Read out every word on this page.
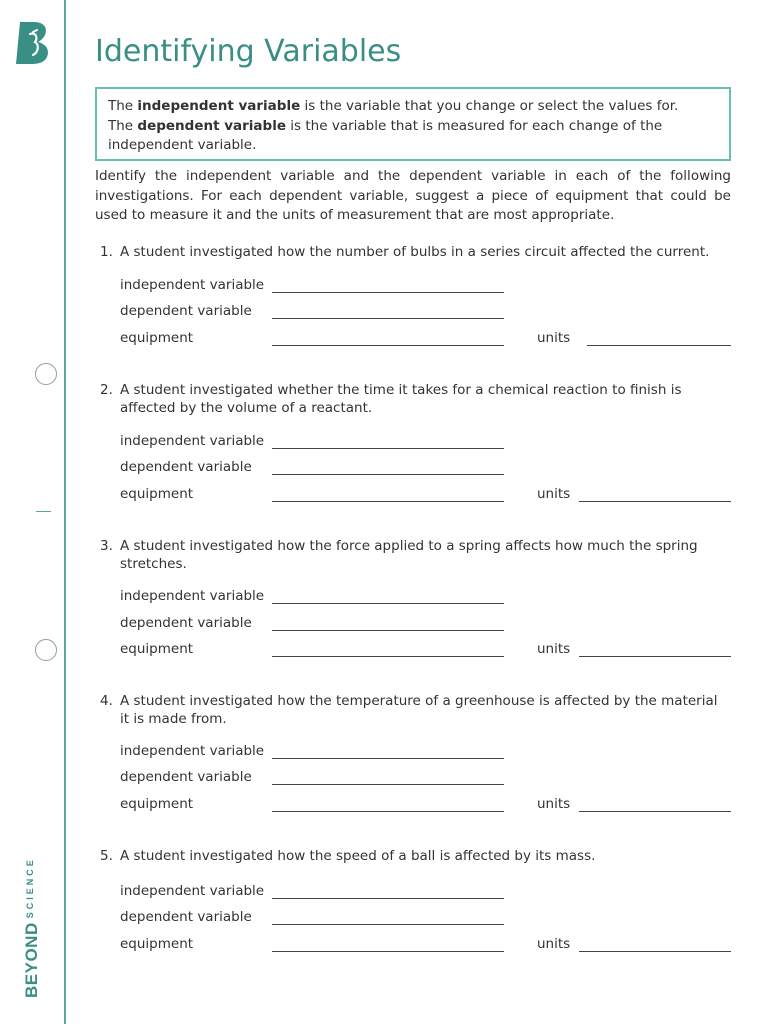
$BEYOND^{SCIENCE}$
Identifying Variables

The independent variable is the variable that you change or select the values for.

The dependent variable is the variable that is measured for each change of the independent variable.

Identify the independent variable and the dependent variable in each of the following investigations. For each dependent variable, suggest a piece of equipment that could be used to measure it and the units of measurement that are most appropriate.

1. A student investigated how the number of bulbs in a series circuit affected the current.

independent variable
dependent variable
equipment	units
2. A student investigated whether the time it takes for a chemical reaction to finish is affected by the volume of a reactant.

independent variable
dependent variable
equipment	units
3. A student investigated how the force applied to a spring affects how much the spring stretches.

independent variable
dependent variable
equipment	units
4. A student investigated how the temperature of a greenhouse is affected by the material it is made from.

independent variable
dependent variable
equipment	units
5. A student investigated how the speed of a ball is affected by its mass.

independent variable
dependent variable
equipment	units
